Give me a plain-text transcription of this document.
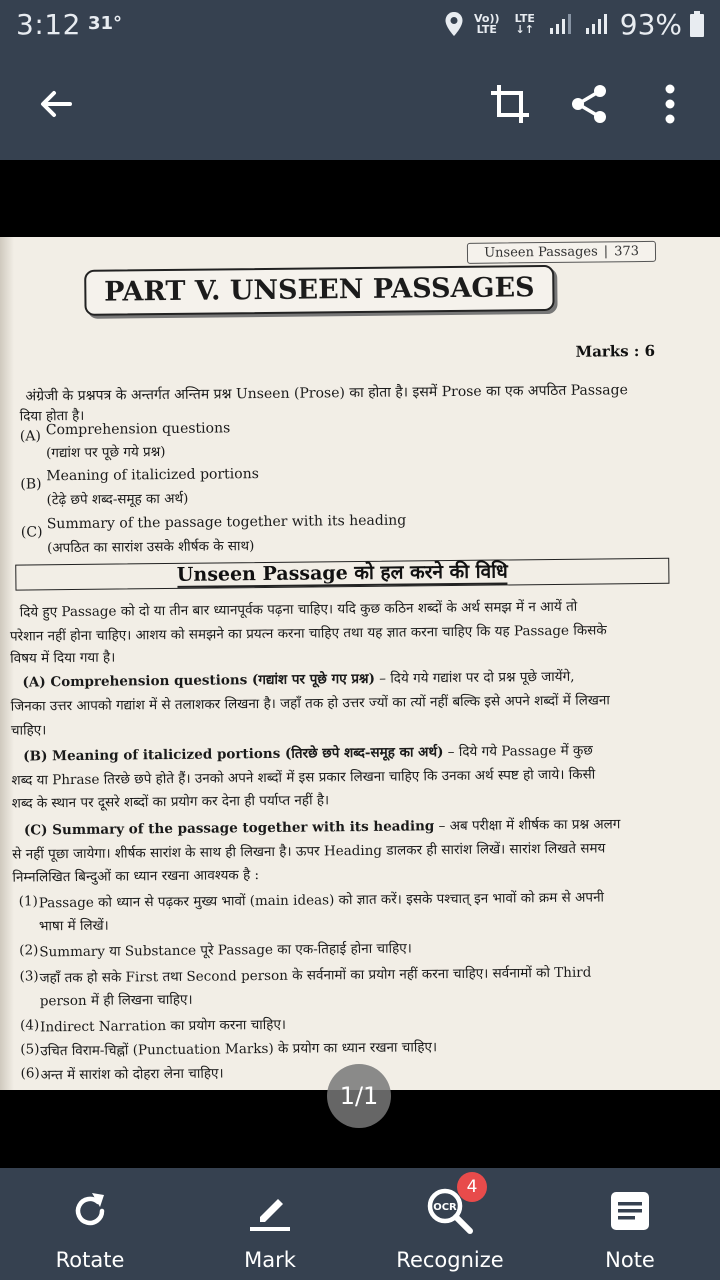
3:12 31°	Vo)) LTE
LTE ↓↑	93%
Unseen Passages | 373
PART V. UNSEEN PASSAGES
Marks : 6
अंग्रेजी के प्रश्नपत्र के अन्तर्गत अन्तिम प्रश्न Unseen (Prose) का होता है। इसमें Prose का एक अपठित Passage
दिया होता है।
(A) Comprehension questions
(गद्यांश पर पूछे गये प्रश्न)
(B)
Meaning of italicized portions
(टेढ़े छपे शब्द-समूह का अर्थ)
(C)
Summary of the passage together with its heading
(अपठित का सारांश उसके शीर्षक के साथ)
Unseen Passage को हल करने की विधि
दिये हुए Passage को दो या तीन बार ध्यानपूर्वक पढ़ना चाहिए। यदि कुछ कठिन शब्दों के अर्थ समझ में न आयें तो
परेशान नहीं होना चाहिए। आशय को समझने का प्रयत्न करना चाहिए तथा यह ज्ञात करना चाहिए कि यह Passage किसके
विषय में दिया गया है।
(A) Comprehension questions (गद्यांश पर पूछे गए प्रश्न) – दिये गये गद्यांश पर दो प्रश्न पूछे जायेंगे,
जिनका उत्तर आपको गद्यांश में से तलाशकर लिखना है। जहाँ तक हो उत्तर ज्यों का त्यों नहीं बल्कि इसे अपने शब्दों में लिखना
चाहिए।
(B) Meaning of italicized portions (तिरछे छपे शब्द-समूह का अर्थ) – दिये गये Passage में कुछ
शब्द या Phrase तिरछे छपे होते हैं। उनको अपने शब्दों में इस प्रकार लिखना चाहिए कि उनका अर्थ स्पष्ट हो जाये। किसी
शब्द के स्थान पर दूसरे शब्दों का प्रयोग कर देना ही पर्याप्त नहीं है।
(C) Summary of the passage together with its heading – अब परीक्षा में शीर्षक का प्रश्न अलग
से नहीं पूछा जायेगा। शीर्षक सारांश के साथ ही लिखना है। ऊपर Heading डालकर ही सारांश लिखें। सारांश लिखते समय
निम्नलिखित बिन्दुओं का ध्यान रखना आवश्यक है :
(1) Passage को ध्यान से पढ़कर मुख्य भावों (main ideas) को ज्ञात करें। इसके पश्चात् इन भावों को क्रम से अपनी
भाषा में लिखें।
(2) Summary या Substance पूरे Passage का एक-तिहाई होना चाहिए।
(3) जहाँ तक हो सके First तथा Second person के सर्वनामों का प्रयोग नहीं करना चाहिए। सर्वनामों को Third
person में ही लिखना चाहिए।
(4) Indirect Narration का प्रयोग करना चाहिए।
(5) उचित विराम-चिह्नों (Punctuation Marks) के प्रयोग का ध्यान रखना चाहिए।
(6) अन्त में सारांश को दोहरा लेना चाहिए।
1/1
Rotate	Mark
OCR
4
Recognize	Note
